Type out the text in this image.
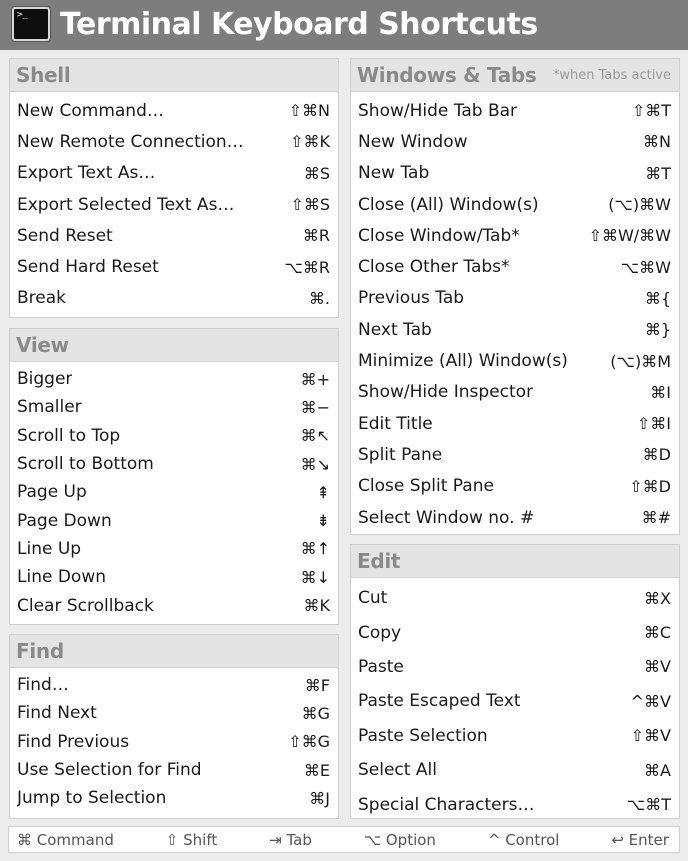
>_ Terminal Keyboard Shortcuts
Shell
New Command…	⇧⌘N
New Remote Connection…	⇧⌘K
Export Text As…	⌘S
Export Selected Text As…	⇧⌘S
Send Reset	⌘R
Send Hard Reset	⌥⌘R
Break	⌘.
View
Bigger	⌘+
Smaller	⌘−
Scroll to Top	⌘↖
Scroll to Bottom	⌘↘
Page Up	⇞
Page Down	⇟
Line Up	⌘↑
Line Down	⌘↓
Clear Scrollback	⌘K
Find
Find…	⌘F
Find Next	⌘G
Find Previous	⇧⌘G
Use Selection for Find	⌘E
Jump to Selection	⌘J
Windows & Tabs *when Tabs active
Show/Hide Tab Bar	⇧⌘T
New Window	⌘N
New Tab	⌘T
Close (All) Window(s)	(⌥)⌘W
Close Window/Tab*	⇧⌘W/⌘W
Close Other Tabs*	⌥⌘W
Previous Tab	⌘{
Next Tab	⌘}
Minimize (All) Window(s)	(⌥)⌘M
Show/Hide Inspector	⌘I
Edit Title	⇧⌘I
Split Pane	⌘D
Close Split Pane	⇧⌘D
Select Window no. #	⌘#
Edit
Cut	⌘X
Copy	⌘C
Paste	⌘V
Paste Escaped Text	^⌘V
Paste Selection	⇧⌘V
Select All	⌘A
Special Characters…	⌥⌘T
⌘ Command	⇧ Shift	⇥ Tab	⌥ Option	^ Control	↩ Enter
